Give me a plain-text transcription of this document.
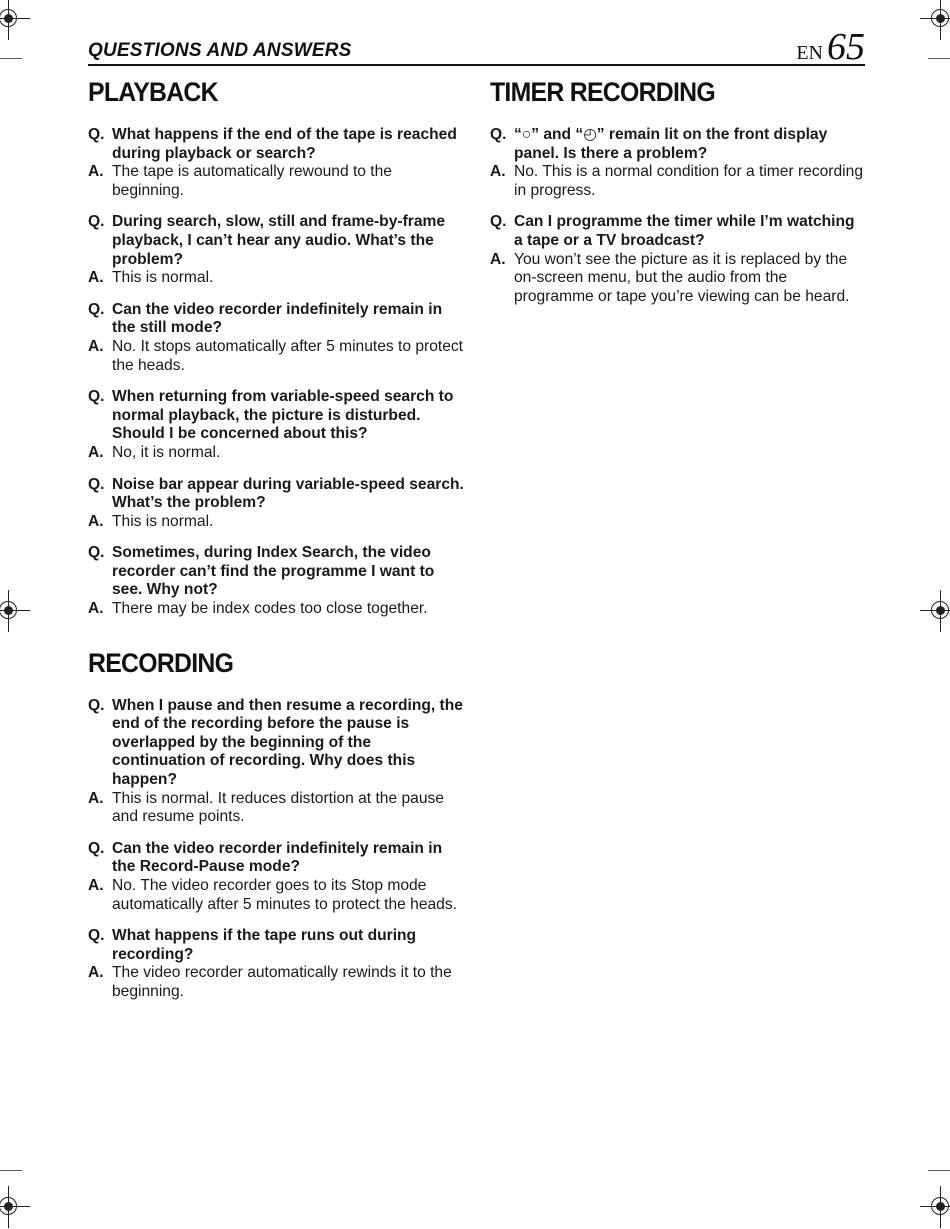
QUESTIONS AND ANSWERS	EN 65
PLAYBACK
Q. What happens if the end of the tape is reached during playback or search?
A. The tape is automatically rewound to the beginning.
Q. During search, slow, still and frame-by-frame playback, I can’t hear any audio. What’s the problem?
A. This is normal.
Q. Can the video recorder indefinitely remain in the still mode?
A. No. It stops automatically after 5 minutes to protect the heads.
Q. When returning from variable-speed search to normal playback, the picture is disturbed. Should I be concerned about this?
A. No, it is normal.
Q. Noise bar appear during variable-speed search. What’s the problem?
A. This is normal.
Q. Sometimes, during Index Search, the video recorder can’t find the programme I want to see. Why not?
A. There may be index codes too close together.
RECORDING
Q. When I pause and then resume a recording, the end of the recording before the pause is overlapped by the beginning of the continuation of recording. Why does this happen?
A. This is normal. It reduces distortion at the pause and resume points.
Q. Can the video recorder indefinitely remain in the Record-Pause mode?
A. No. The video recorder goes to its Stop mode automatically after 5 minutes to protect the heads.
Q. What happens if the tape runs out during recording?
A. The video recorder automatically rewinds it to the beginning.
TIMER RECORDING
Q. “○” and “◴” remain lit on the front display panel. Is there a problem?
A. No. This is a normal condition for a timer recording in progress.
Q. Can I programme the timer while I’m watching a tape or a TV broadcast?
A. You won’t see the picture as it is replaced by the on-screen menu, but the audio from the programme or tape you’re viewing can be heard.
